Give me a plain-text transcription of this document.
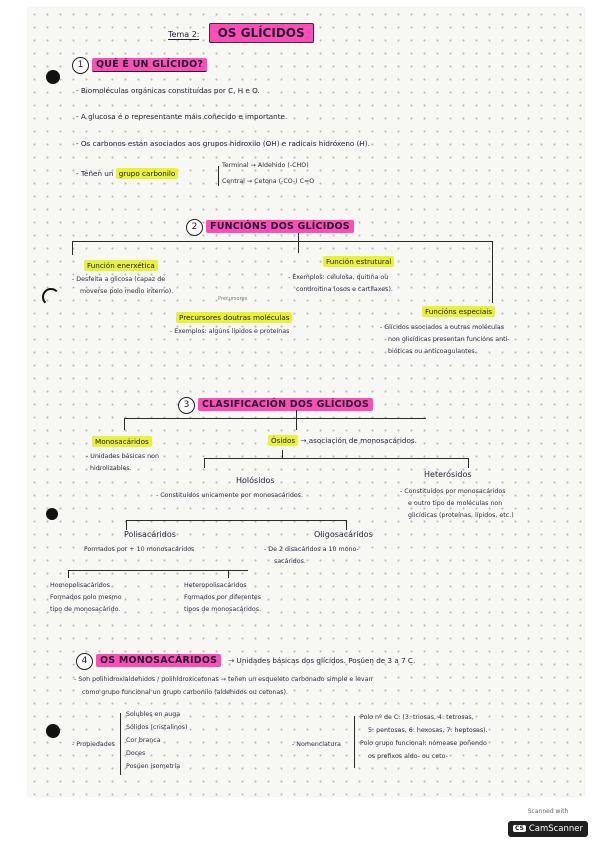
Tema 2: OS GLÍCIDOS
1 QUÉ É UN GLÍCIDO?
- Biomoléculas orgánicas constituídas por C, H e O.
- A glucosa é o representante máis coñecido e importante.
- Os carbonos están asociados aos grupos hidroxilo (OH) e radicais hidróxeno (H).
- Teñen un grupo carbonilo
Terminal → Aldehido (-CHO)
Central → Cetona (-CO-) C=O
2 FUNCIÓNS DOS GLÍCIDOS
Función enerxética
- Desfeita a glicosa (capaz de
moverse polo medio interno).
Función estrutural
- Exemplos: celulosa, quitina ou
condroitina (osos e cartílaxes).
Precursores
Precursores doutras moléculas
- Exemplos: algúns lípidos e proteínas
Funcións especiais
- Glícidos asociados a outras moléculas
non glicídicas presentan funcións anti-
bióticas ou anticoagulantes.
3 CLASIFICACIÓN DOS GLÍCIDOS
Monosacáridos
- Unidades básicas non
hidrolizables.
Ósidos → asociación de monosacáridos.
Holósidos
- Constituídos unicamente por monosacáridos.
Heterósidos
- Constituídos por monosacáridos
e outro tipo de moléculas non
glicídicas (proteínas, lípidos, etc.)
Polisacáridos
Formados por + 10 monosacáridos
Oligosacáridos
- De 2 disacáridos a 10 mono-
sacáridos.
Homopolisacáridos
Formados polo mesmo
tipo de monosacárido.
Heteropolisacáridos
Formados por diferentes
tipos de monosacáridos.
4 OS MONOSACÁRIDOS → Unidades básicas dos glícidos. Posúen de 3 a 7 C.
- Son polihidroxialdehidos / polihidroxicetonas → teñen un esqueleto carbonado simple e levan
como grupo funcional un grupo carbonilo (aldehidos ou cetonas).
- Propiedades
Solubles en auga
Sólidos (cristalinos)
Cor branca
Doces
Posúen isometría
- Nomenclatura
Polo nº de C: (3: triosas, 4: tetrosas,
5: pentosas, 6: hexosas, 7: heptosas).
Polo grupo funcional: nómease poñendo
os prefixos aldo- ou ceto-
Scanned with
CS CamScanner
